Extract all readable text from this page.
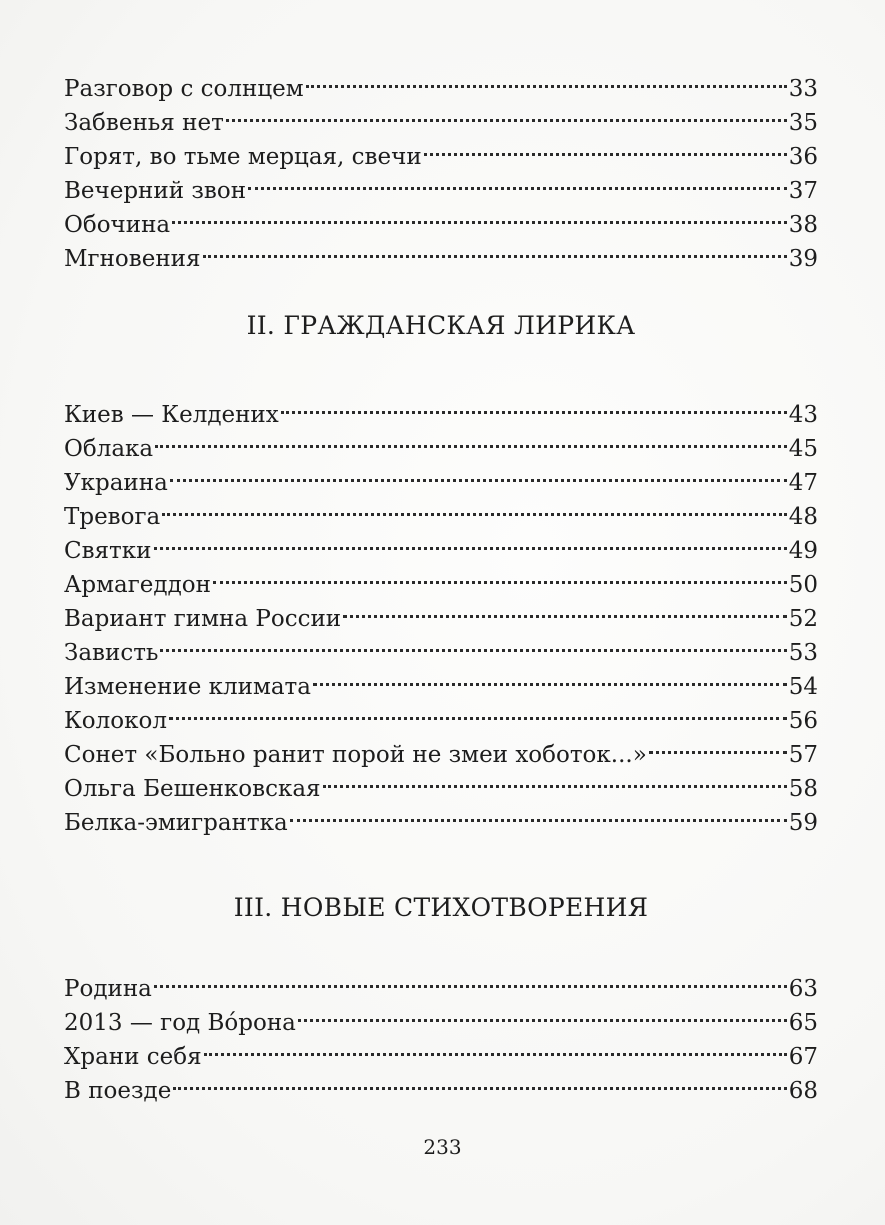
Разговор с солнцем	33
Забвенья нет	35
Горят, во тьме мерцая, свечи	36
Вечерний звон	37
Обочина	38
Мгновения	39
II. ГРАЖДАНСКАЯ ЛИРИКА
Киев — Келдених	43
Облака	45
Украина	47
Тревога	48
Святки	49
Армагеддон	50
Вариант гимна России	52
Зависть	53
Изменение климата	54
Колокол	56
Сонет «Больно ранит порой не змеи хоботок...»	57
Ольга Бешенковская	58
Белка-эмигрантка	59
III. НОВЫЕ СТИХОТВОРЕНИЯ
Родина	63
2013 — год Вóрона	65
Храни себя	67
В поезде	68
233
